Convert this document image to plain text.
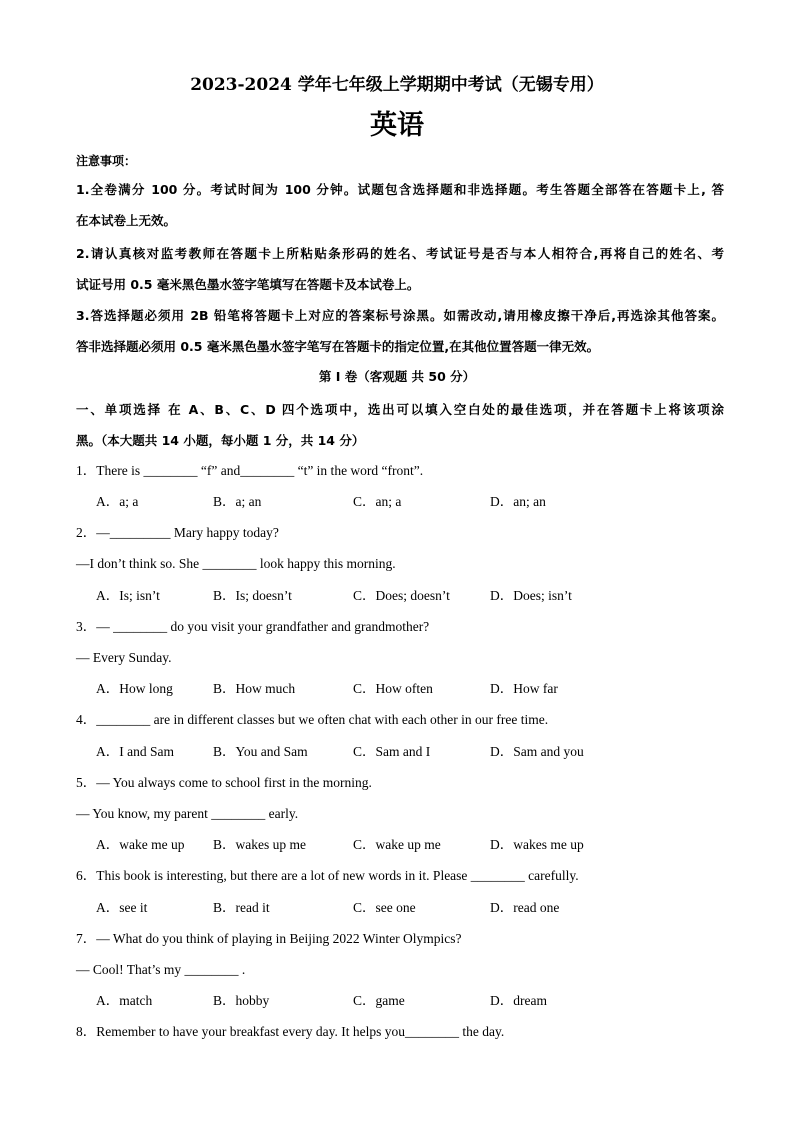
2023-2024 学年七年级上学期期中考试（无锡专用）
英语
注意事项：
1.全卷满分 100 分。考试时间为 100 分钟。试题包含选择题和非选择题。考生答题全部答在答题卡上, 答
在本试卷上无效。
2.请认真核对监考教师在答题卡上所粘贴条形码的姓名、考试证号是否与本人相符合,再将自己的姓名、考
试证号用 0.5 毫米黑色墨水签字笔填写在答题卡及本试卷上。
3.答选择题必须用 2B 铅笔将答题卡上对应的答案标号涂黑。如需改动,请用橡皮擦干净后,再选涂其他答案。
答非选择题必须用 0.5 毫米黑色墨水签字笔写在答题卡的指定位置,在其他位置答题一律无效。
第 I 卷（客观题 共 50 分）
一、单项选择 在 A、B、C、D 四个选项中，选出可以填入空白处的最佳选项，并在答题卡上将该项涂
黑。（本大题共 14 小题，每小题 1 分，共 14 分）
1．There is ________ “f” and________ “t” in the word “front”.
A．a; a	B．a; an	C．an; a	D．an; an
2．—_________ Mary happy today?
—I don’t think so. She ________ look happy this morning.
A．Is; isn’t	B．Is; doesn’t	C．Does; doesn’t	D．Does; isn’t
3．— ________ do you visit your grandfather and grandmother?
— Every Sunday.
A．How long	B．How much	C．How often	D．How far
4．________ are in different classes but we often chat with each other in our free time.
A．I and Sam	B．You and Sam	C．Sam and I	D．Sam and you
5．— You always come to school first in the morning.
— You know, my parent ________ early.
A．wake me up B．wakes up me	C．wake up me	D．wakes me up
6．This book is interesting, but there are a lot of new words in it. Please ________ carefully.
A．see it	B．read it	C．see one	D．read one
7．— What do you think of playing in Beijing 2022 Winter Olympics?
— Cool! That’s my ________ .
A．match	B．hobby	C．game	D．dream
8．Remember to have your breakfast every day. It helps you________ the day.
